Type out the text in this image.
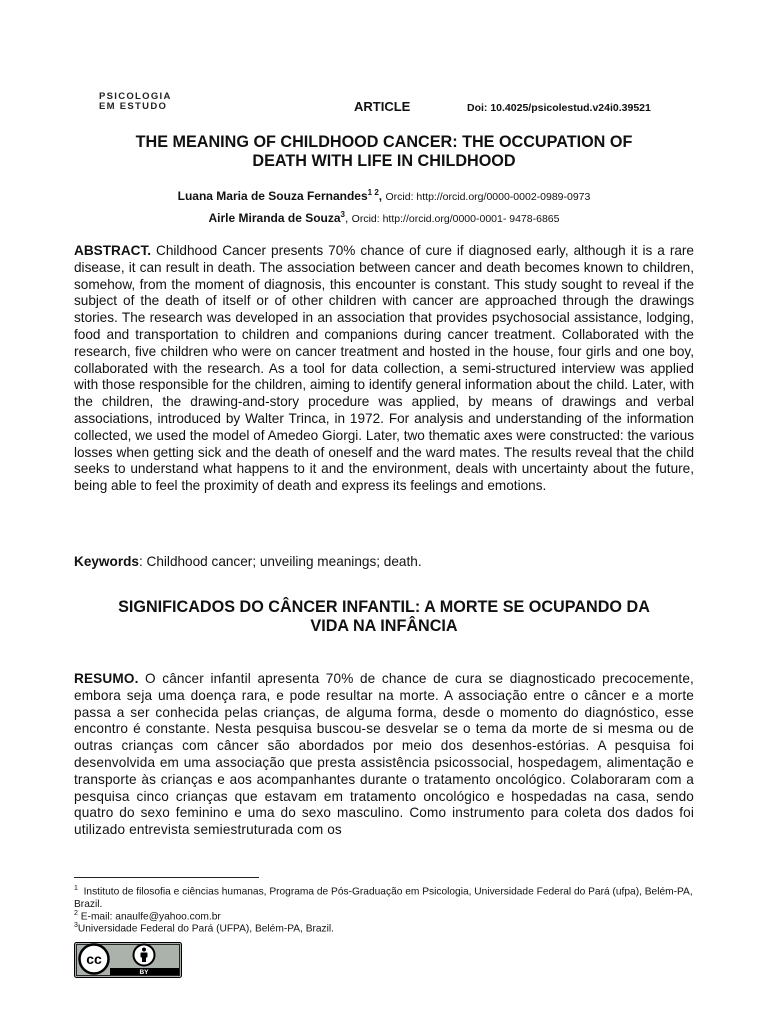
PSICOLOGIA
EM ESTUDO	ARTICLE	Doi: 10.4025/psicolestud.v24i0.39521
THE MEANING OF CHILDHOOD CANCER: THE OCCUPATION OF
DEATH WITH LIFE IN CHILDHOOD
Luana Maria de Souza Fernandes$^{1 2}$, Orcid: http://orcid.org/0000-0002-0989-0973
Airle Miranda de Souza$^3$, Orcid: http://orcid.org/0000-0001- 9478-6865

ABSTRACT. Childhood Cancer presents 70% chance of cure if diagnosed early, although it is a rare disease, it can result in death. The association between cancer and death becomes known to children, somehow, from the moment of diagnosis, this encounter is constant. This study sought to reveal if the subject of the death of itself or of other children with cancer are approached through the drawings stories. The research was developed in an association that provides psychosocial assistance, lodging, food and transportation to children and companions during cancer treatment. Collaborated with the research, five children who were on cancer treatment and hosted in the house, four girls and one boy, collaborated with the research. As a tool for data collection, a semi-structured interview was applied with those responsible for the children, aiming to identify general information about the child. Later, with the children, the drawing-and-story procedure was applied, by means of drawings and verbal associations, introduced by Walter Trinca, in 1972. For analysis and understanding of the information collected, we used the model of Amedeo Giorgi. Later, two thematic axes were constructed: the various losses when getting sick and the death of oneself and the ward mates. The results reveal that the child seeks to understand what happens to it and the environment, deals with uncertainty about the future, being able to feel the proximity of death and express its feelings and emotions.

Keywords: Childhood cancer; unveiling meanings; death.
SIGNIFICADOS DO CÂNCER INFANTIL: A MORTE SE OCUPANDO DA
VIDA NA INFÂNCIA

RESUMO. O câncer infantil apresenta 70% de chance de cura se diagnosticado precocemente, embora seja uma doença rara, e pode resultar na morte. A associação entre o câncer e a morte passa a ser conhecida pelas crianças, de alguma forma, desde o momento do diagnóstico, esse encontro é constante. Nesta pesquisa buscou-se desvelar se o tema da morte de si mesma ou de outras crianças com câncer são abordados por meio dos desenhos-estórias. A pesquisa foi desenvolvida em uma associação que presta assistência psicossocial, hospedagem, alimentação e transporte às crianças e aos acompanhantes durante o tratamento oncológico. Colaboraram com a pesquisa cinco crianças que estavam em tratamento oncológico e hospedadas na casa, sendo quatro do sexo feminino e uma do sexo masculino. Como instrumento para coleta dos dados foi utilizado entrevista semiestruturada com os

$^1$ Instituto de filosofia e ciências humanas, Programa de Pós-Graduação em Psicologia, Universidade Federal do Pará (ufpa), Belém-PA, Brazil.
$^2$ E-mail: anaulfe@yahoo.com.br
$^3$Universidade Federal do Pará (UFPA), Belém-PA, Brazil.
BY
cc
